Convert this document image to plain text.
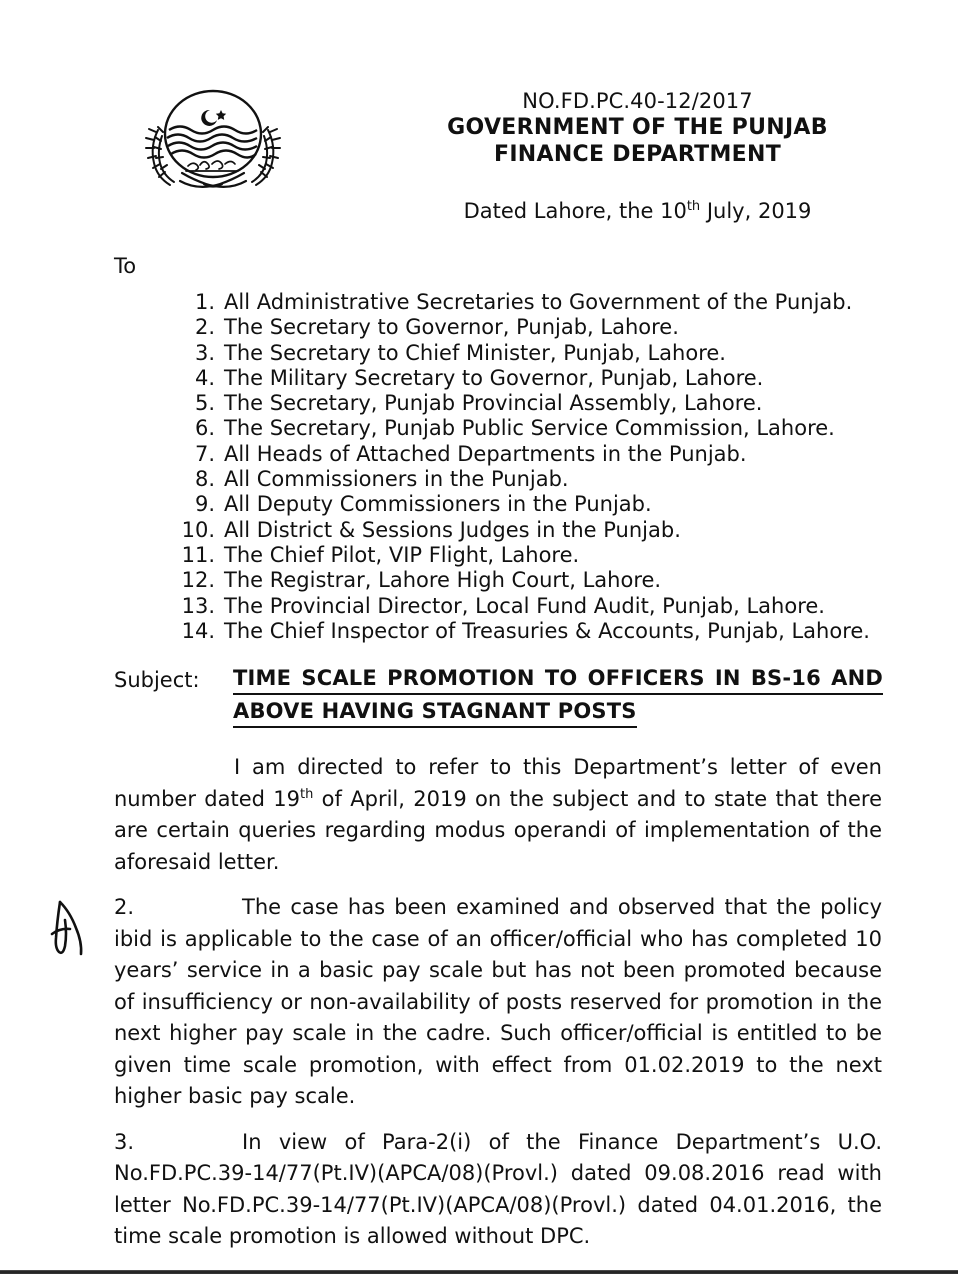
NO.FD.PC.40-12/2017
GOVERNMENT OF THE PUNJAB
FINANCE DEPARTMENT
Dated Lahore, the 10th July, 2019
To
1. All Administrative Secretaries to Government of the Punjab.
2. The Secretary to Governor, Punjab, Lahore.
3. The Secretary to Chief Minister, Punjab, Lahore.
4. The Military Secretary to Governor, Punjab, Lahore.
5. The Secretary, Punjab Provincial Assembly, Lahore.
6. The Secretary, Punjab Public Service Commission, Lahore.
7. All Heads of Attached Departments in the Punjab.
8. All Commissioners in the Punjab.
9. All Deputy Commissioners in the Punjab.
10. All District & Sessions Judges in the Punjab.
11. The Chief Pilot, VIP Flight, Lahore.
12. The Registrar, Lahore High Court, Lahore.
13. The Provincial Director, Local Fund Audit, Punjab, Lahore.
14. The Chief Inspector of Treasuries & Accounts, Punjab, Lahore.
Subject: TIME SCALE PROMOTION TO OFFICERS IN BS-16 AND
ABOVE HAVING STAGNANT POSTS

I am directed to refer to this Department’s letter of even number dated 19th of April, 2019 on the subject and to state that there are certain queries regarding modus operandi of implementation of the aforesaid letter.

2.	The case has been examined and observed that the policy ibid is applicable to the case of an officer/official who has completed 10 years’ service in a basic pay scale but has not been promoted because of insufficiency or non-availability of posts reserved for promotion in the next higher pay scale in the cadre. Such officer/official is entitled to be given time scale promotion, with effect from 01.02.2019 to the next higher basic pay scale.
3.	In view of Para-2(i) of the Finance Department’s U.O. No.FD.PC.39-14/77(Pt.IV)(APCA/08)(Provl.) dated 09.08.2016 read with letter No.FD.PC.39-14/77(Pt.IV)(APCA/08)(Provl.) dated 04.01.2016, the time scale promotion is allowed without DPC.
